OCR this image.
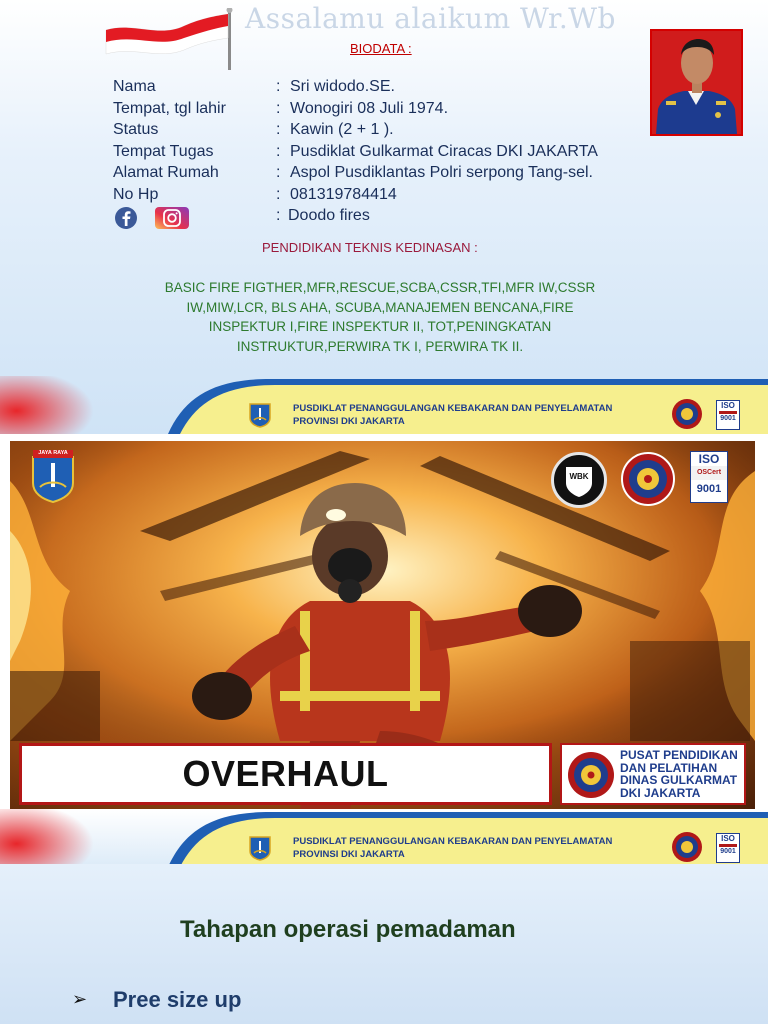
Assalamu alaikum Wr.Wb
BIODATA :
Nama	: Sri widodo.SE.
Tempat, tgl lahir	: Wonogiri 08 Juli 1974.
Status	: Kawin (2 + 1 ).
Tempat Tugas	: Pusdiklat Gulkarmat Ciracas DKI JAKARTA
Alamat Rumah	: Aspol Pusdiklantas Polri serpong Tang-sel.
No Hp	: 081319784414
: Doodo fires
PENDIDIKAN TEKNIS KEDINASAN :
BASIC FIRE FIGTHER,MFR,RESCUE,SCBA,CSSR,TFI,MFR IW,CSSR
IW,MIW,LCR, BLS AHA, SCUBA,MANAJEMEN BENCANA,FIRE
INSPEKTUR I,FIRE INSPEKTUR II, TOT,PENINGKATAN
INSTRUKTUR,PERWIRA TK I, PERWIRA TK II.
PUSDIKLAT PENANGGULANGAN KEBAKARAN DAN PENYELAMATAN
PROVINSI DKI JAKARTA
ISO
9001
JAYA RAYA
WBK
ISO
OSCert
9001
OVERHAUL	PUSAT PENDIDIKAN
DAN PELATIHAN
DINAS GULKARMAT
DKI JAKARTA
PUSDIKLAT PENANGGULANGAN KEBAKARAN DAN PENYELAMATAN
PROVINSI DKI JAKARTA
ISO
9001
Tahapan operasi pemadaman
➢ Pree size up
